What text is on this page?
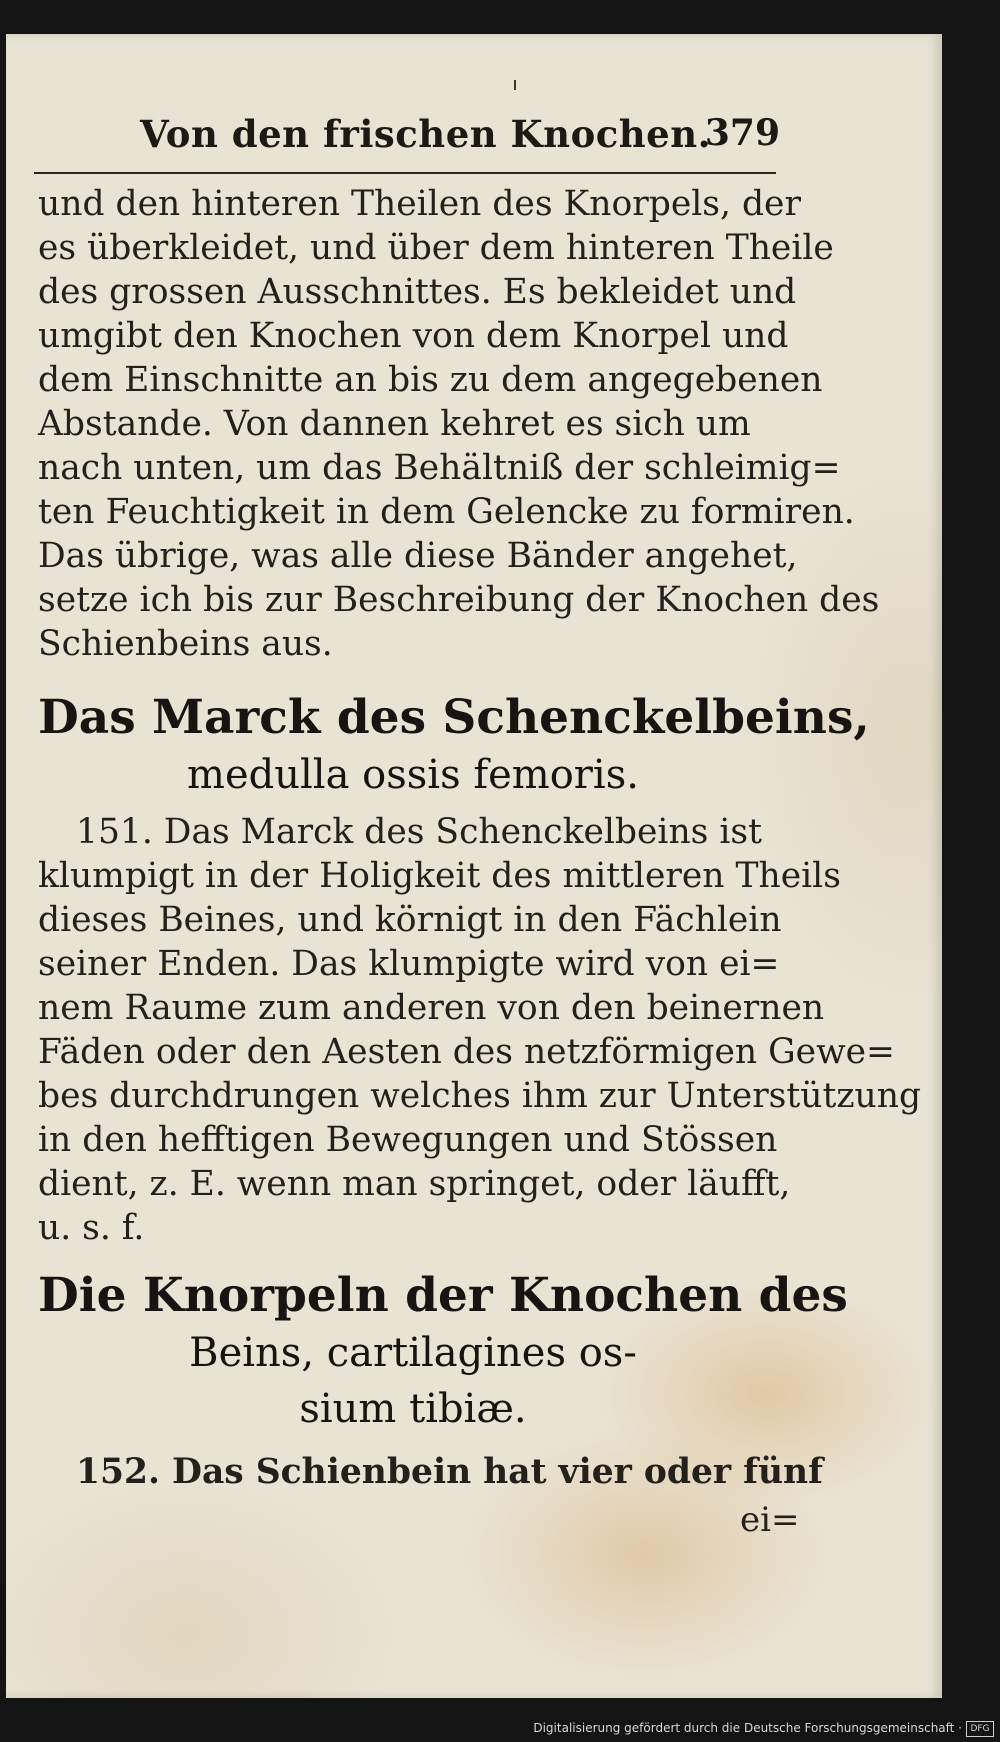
Von den frischen Knochen.
379
und den hinteren Theilen des Knorpels, der
es überkleidet, und über dem hinteren Theile
des grossen Ausschnittes. Es bekleidet und
umgibt den Knochen von dem Knorpel und
dem Einschnitte an bis zu dem angegebenen
Abstande. Von dannen kehret es sich um
nach unten, um das Behältniß der schleimig=
ten Feuchtigkeit in dem Gelencke zu formiren.
Das übrige, was alle diese Bänder angehet,
setze ich bis zur Beschreibung der Knochen des
Schienbeins aus.
Das Marck des Schenckelbeins,
medulla ossis femoris.
151. Das Marck des Schenckelbeins ist
klumpigt in der Holigkeit des mittleren Theils
dieses Beines, und körnigt in den Fächlein
seiner Enden. Das klumpigte wird von ei=
nem Raume zum anderen von den beinernen
Fäden oder den Aesten des netzförmigen Gewe=
bes durchdrungen welches ihm zur Unterstützung
in den hefftigen Bewegungen und Stössen
dient, z. E. wenn man springet, oder läufft,
u. s. f.
Die Knorpeln der Knochen des
Beins, cartilagines os-
sium tibiæ.
152. Das Schienbein hat vier oder fünf
ei=
Digitalisierung gefördert durch die Deutsche Forschungsgemeinschaft · DFG
